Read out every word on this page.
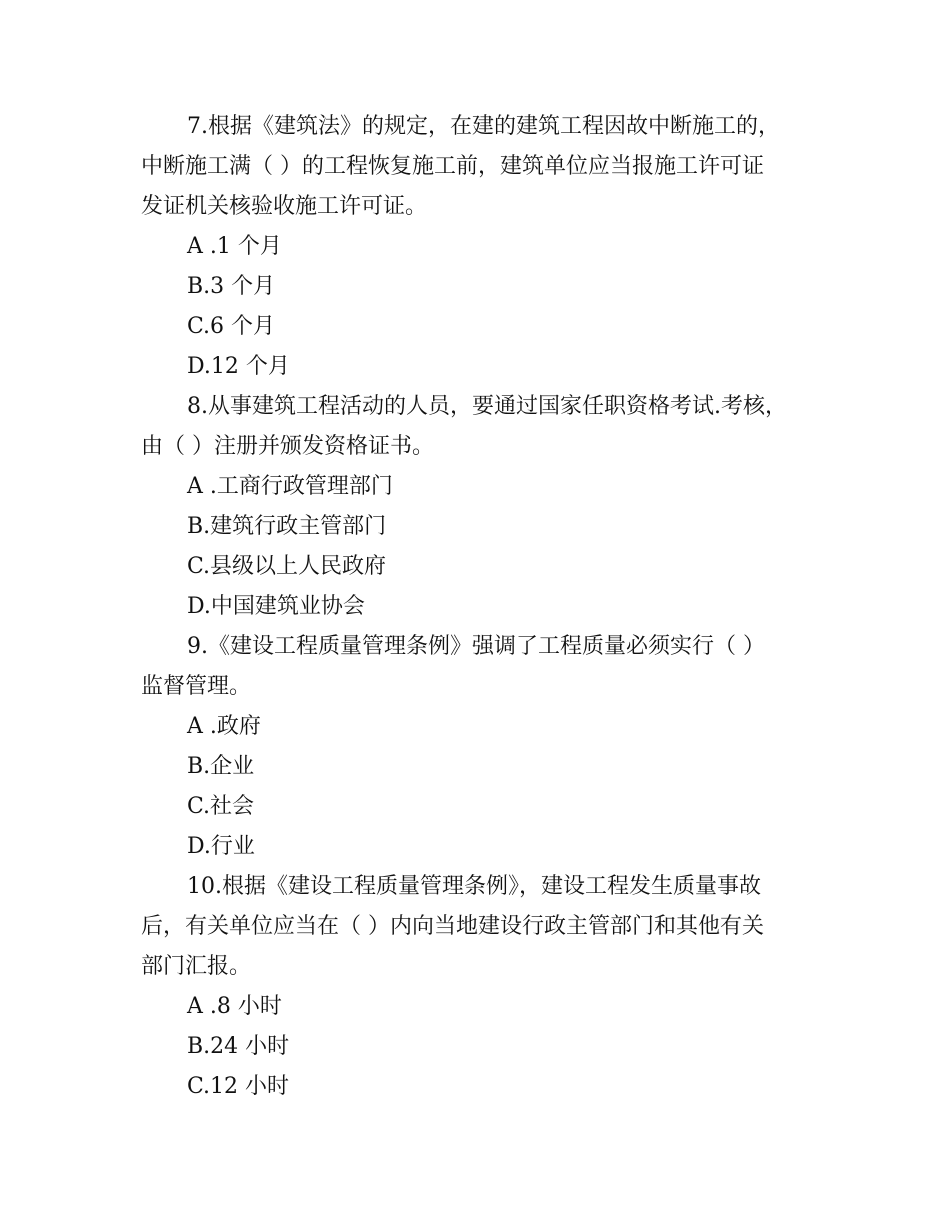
7.根据《建筑法》的规定，在建的建筑工程因故中断施工的，
中断施工满（ ）的工程恢复施工前，建筑单位应当报施工许可证
发证机关核验收施工许可证。

A .1 个月

B.3 个月

C.6 个月

D.12 个月

8.从事建筑工程活动的人员，要通过国家任职资格考试.考核，
由（ ）注册并颁发资格证书。

A .工商行政管理部门

B.建筑行政主管部门

C.县级以上人民政府

D.中国建筑业协会

9.《建设工程质量管理条例》强调了工程质量必须实行（ ）
监督管理。

A .政府

B.企业

C.社会

D.行业

10.根据《建设工程质量管理条例》，建设工程发生质量事故
后，有关单位应当在（ ）内向当地建设行政主管部门和其他有关
部门汇报。

A .8 小时

B.24 小时

C.12 小时
